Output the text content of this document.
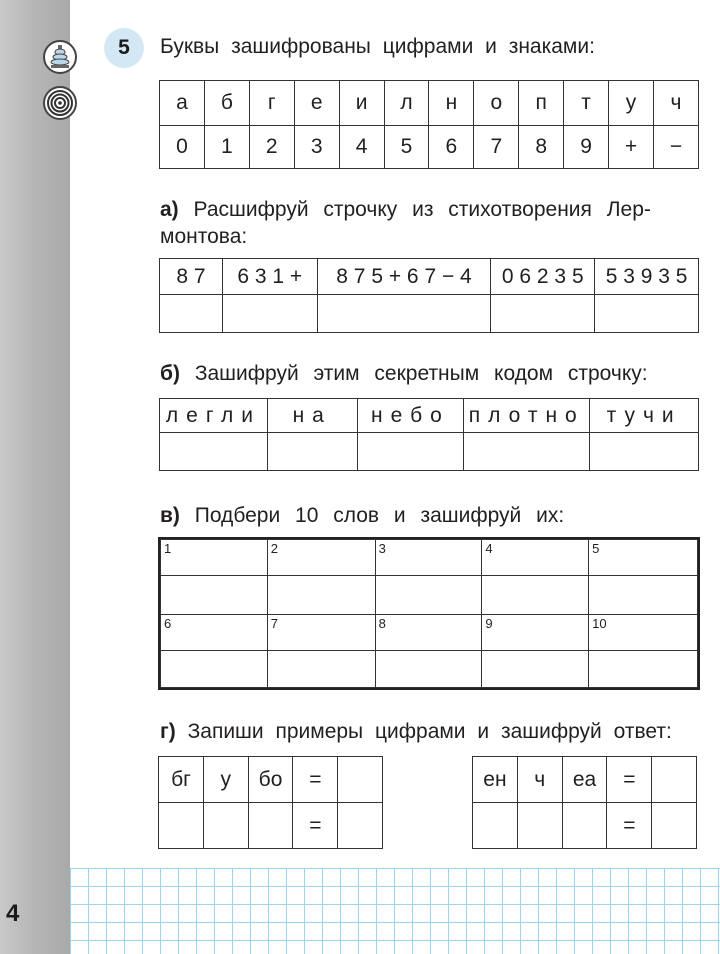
4
5	Буквы зашифрованы цифрами и знаками:
а	б	г	е	и	л	н	о	п	т	у	ч
0	1	2	3	4	5	6	7	8	9	+	−
а) Расшифруй строчку из стихотворения Лер-
монтова:
8 7	6 3 1 +	8 7 5 + 6 7 − 4	0 6 2 3 5	5 3 9 3 5

б) Зашифруй этим секретным кодом строчку:
легли	на	небо	плотно	тучи

в) Подбери 10 слов и зашифруй их:
1	2	3	4	5

6	7	8	9	10

г) Запиши примеры цифрами и зашифруй ответ:
бг	у	бо	=	
			=	
ен	ч	еа	=	
			=	
